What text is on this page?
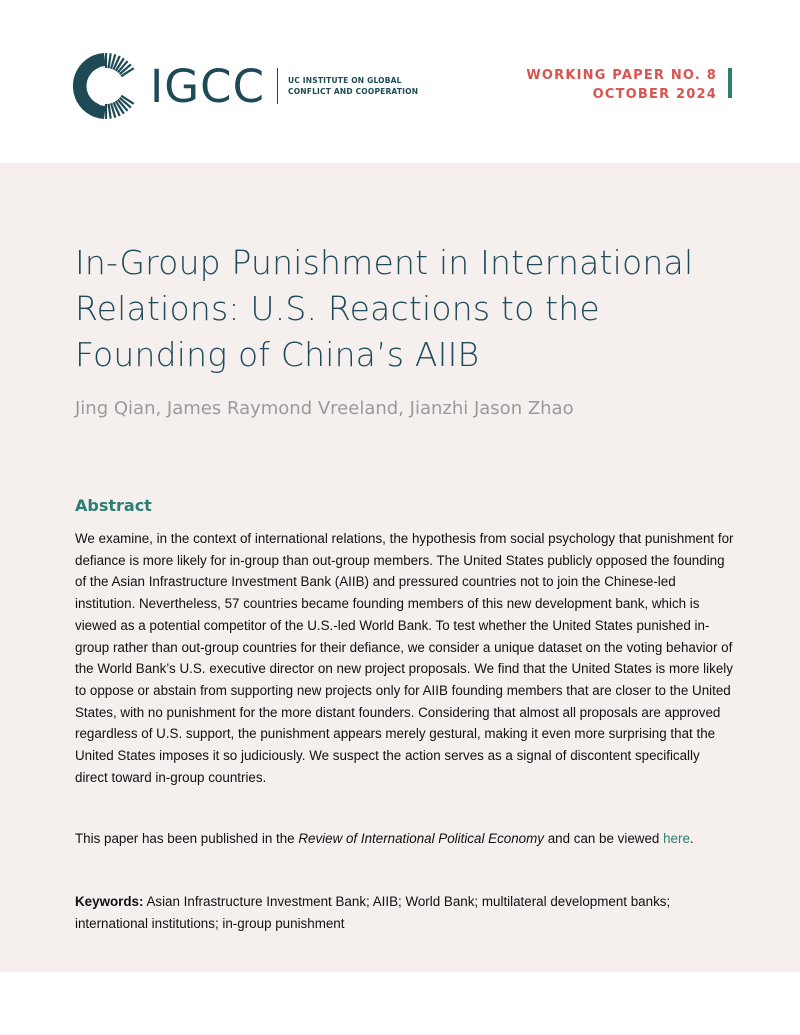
IGCC	UC INSTITUTE ON GLOBAL
CONFLICT AND COOPERATION
WORKING PAPER NO. 8
OCTOBER 2024
In-Group Punishment in International
Relations: U.S. Reactions to the
Founding of China’s AIIB
Jing Qian, James Raymond Vreeland, Jianzhi Jason Zhao
Abstract

We examine, in the context of international relations, the hypothesis from social psychology that punishment for defiance is more likely for in-group than out-group members. The United States publicly opposed the founding of the Asian Infrastructure Investment Bank (AIIB) and pressured countries not to join the Chinese-led institution. Nevertheless, 57 countries became founding members of this new development bank, which is viewed as a potential competitor of the U.S.-led World Bank. To test whether the United States punished in-group rather than out-group countries for their defiance, we consider a unique dataset on the voting behavior of the World Bank’s U.S. executive director on new project proposals. We find that the United States is more likely to oppose or abstain from supporting new projects only for AIIB founding members that are closer to the United States, with no punishment for the more distant founders. Considering that almost all proposals are approved regardless of U.S. support, the punishment appears merely gestural, making it even more surprising that the United States imposes it so judiciously. We suspect the action serves as a signal of discontent specifically direct toward in-group countries.

This paper has been published in the Review of International Political Economy and can be viewed here.

Keywords: Asian Infrastructure Investment Bank; AIIB; World Bank; multilateral development banks; international institutions; in-group punishment
